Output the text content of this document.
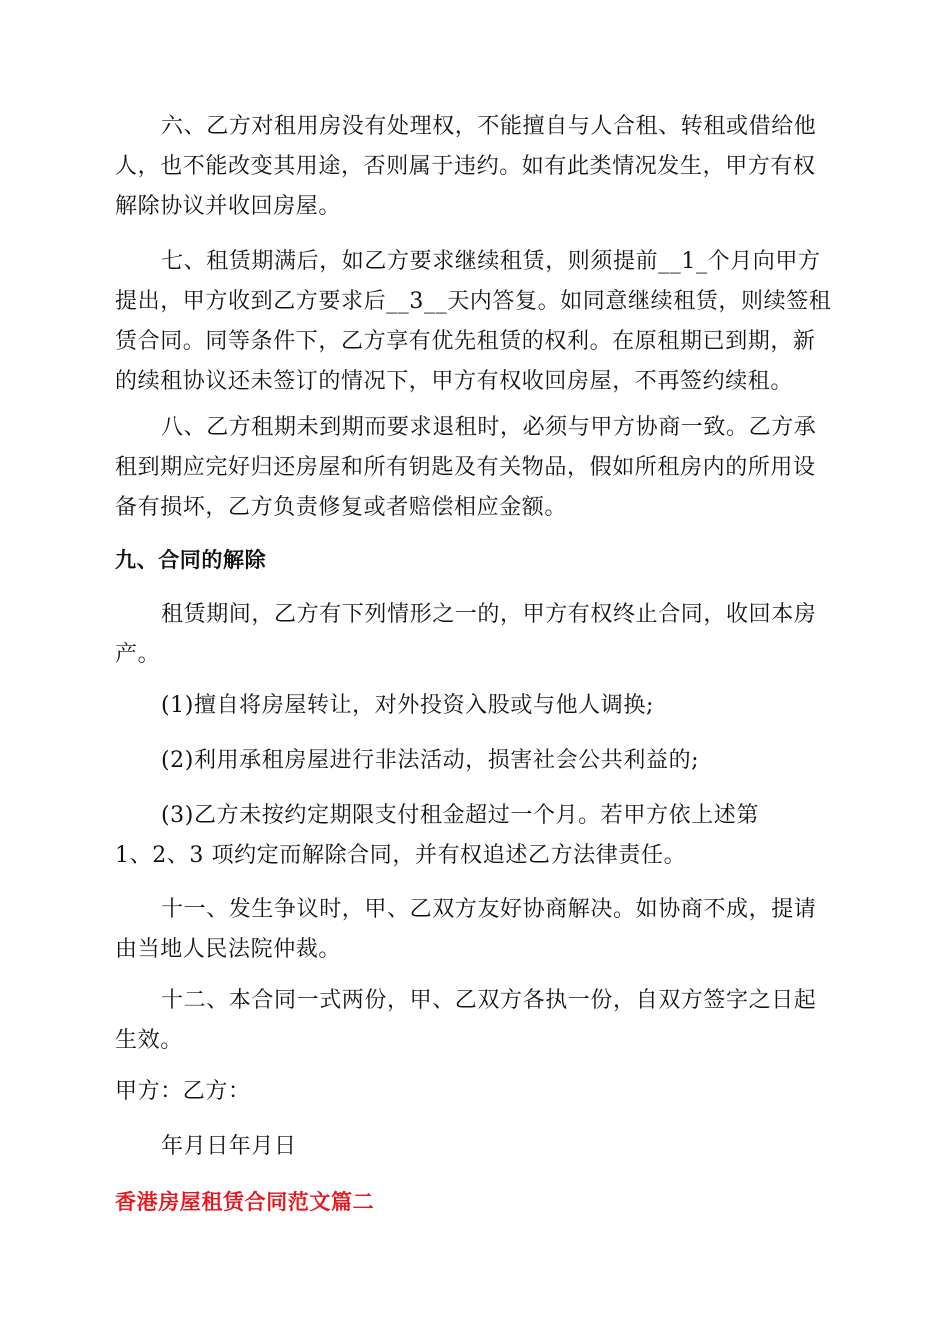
六、乙方对租用房没有处理权，不能擅自与人合租、转租或借给他人，也不能改变其用途，否则属于违约。如有此类情况发生，甲方有权解除协议并收回房屋。

七、租赁期满后，如乙方要求继续租赁，则须提前__1_个月向甲方提出，甲方收到乙方要求后__3__天内答复。如同意继续租赁，则续签租赁合同。同等条件下，乙方享有优先租赁的权利。在原租期已到期，新的续租协议还未签订的情况下，甲方有权收回房屋，不再签约续租。

八、乙方租期未到期而要求退租时，必须与甲方协商一致。乙方承租到期应完好归还房屋和所有钥匙及有关物品，假如所租房内的所用设备有损坏，乙方负责修复或者赔偿相应金额。

九、合同的解除

租赁期间，乙方有下列情形之一的，甲方有权终止合同，收回本房产。

(1)擅自将房屋转让，对外投资入股或与他人调换;

(2)利用承租房屋进行非法活动，损害社会公共利益的;

(3)乙方未按约定期限支付租金超过一个月。若甲方依上述第

1、2、3 项约定而解除合同，并有权追述乙方法律责任。

十一、发生争议时，甲、乙双方友好协商解决。如协商不成，提请由当地人民法院仲裁。

十二、本合同一式两份，甲、乙双方各执一份，自双方签字之日起生效。

甲方：乙方：

年月日年月日

香港房屋租赁合同范文篇二
